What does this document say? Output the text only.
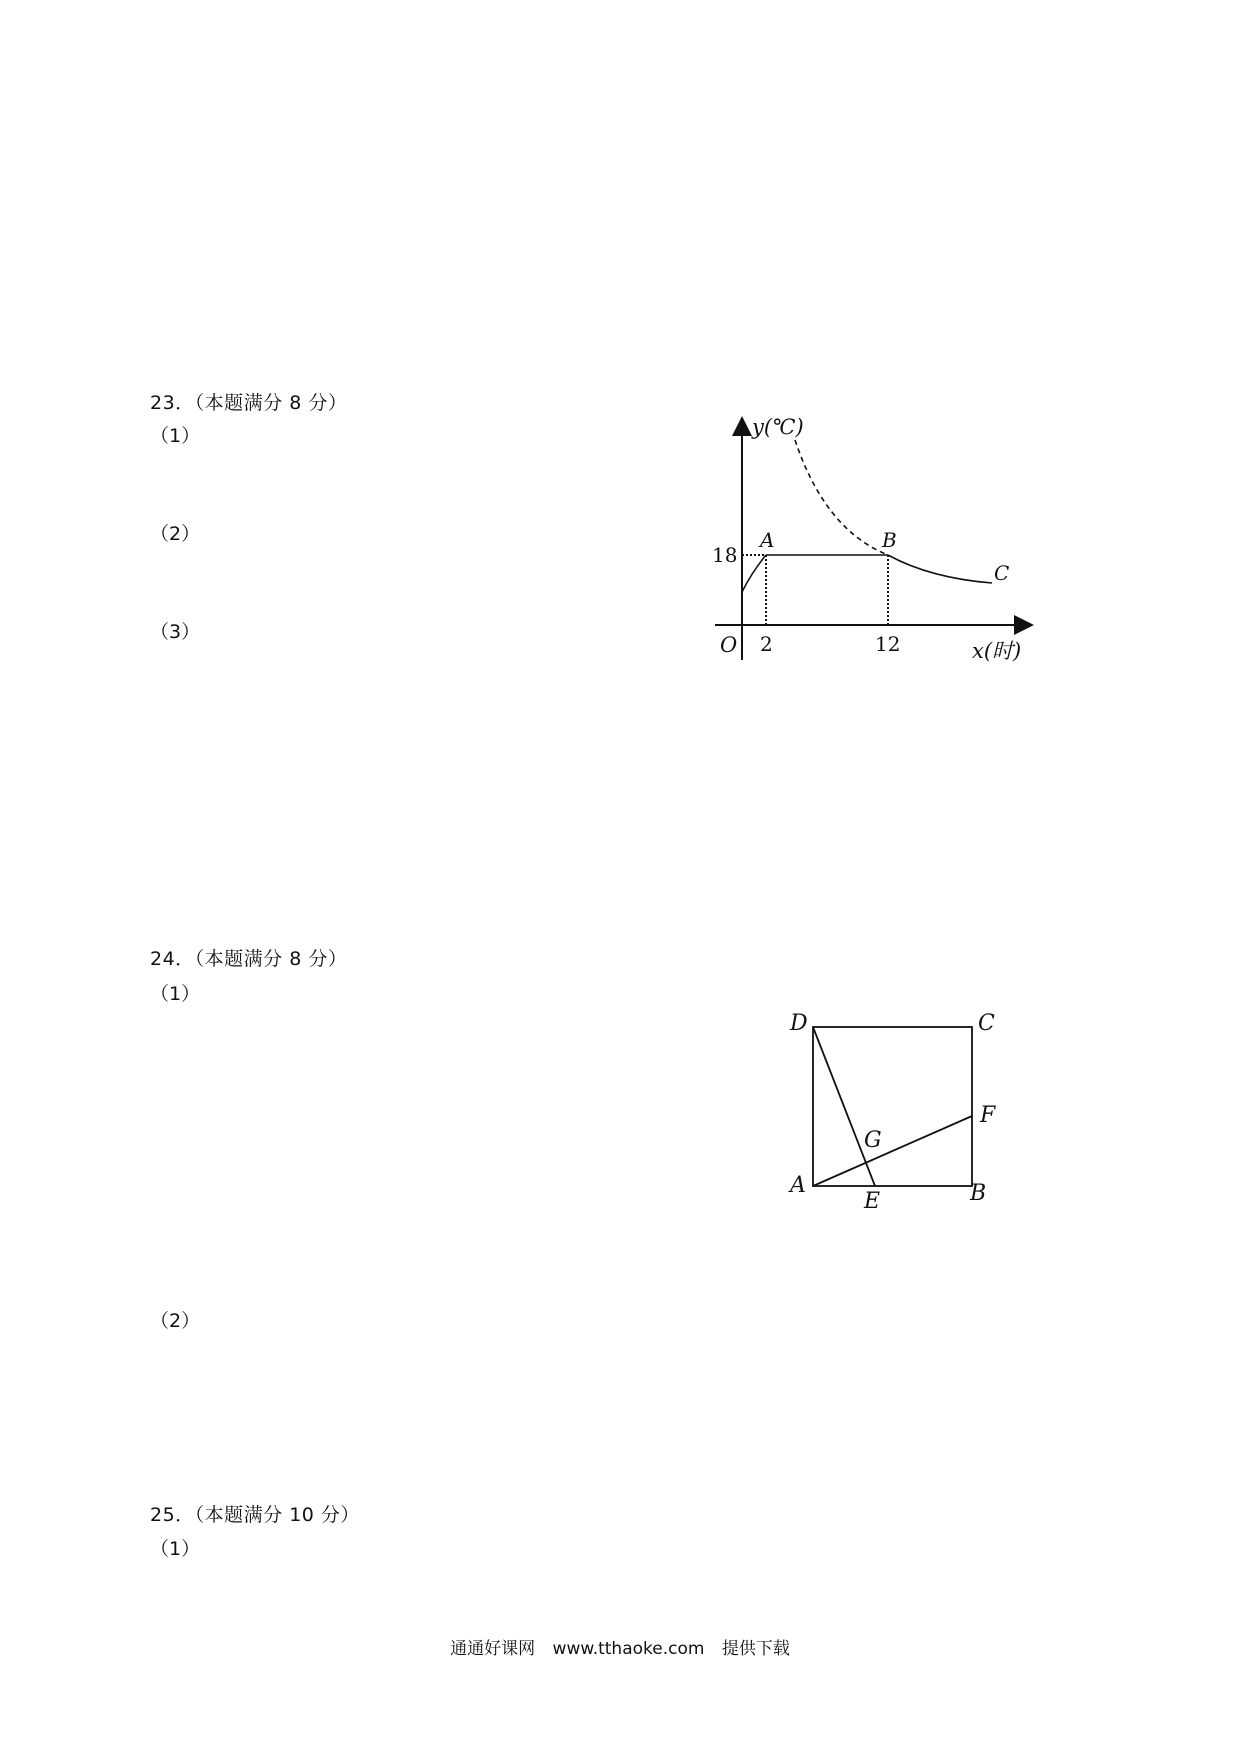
23．（本题满分 8 分）
（1）
（2）
（3）
y(℃)
x(时)
O
18
2	12
A	B
C
24．（本题满分 8 分）
（1）
（2）
D	C
F
G
A
E	B
25．（本题满分 10 分）
（1）
通通好课网 www.tthaoke.com 提供下载
